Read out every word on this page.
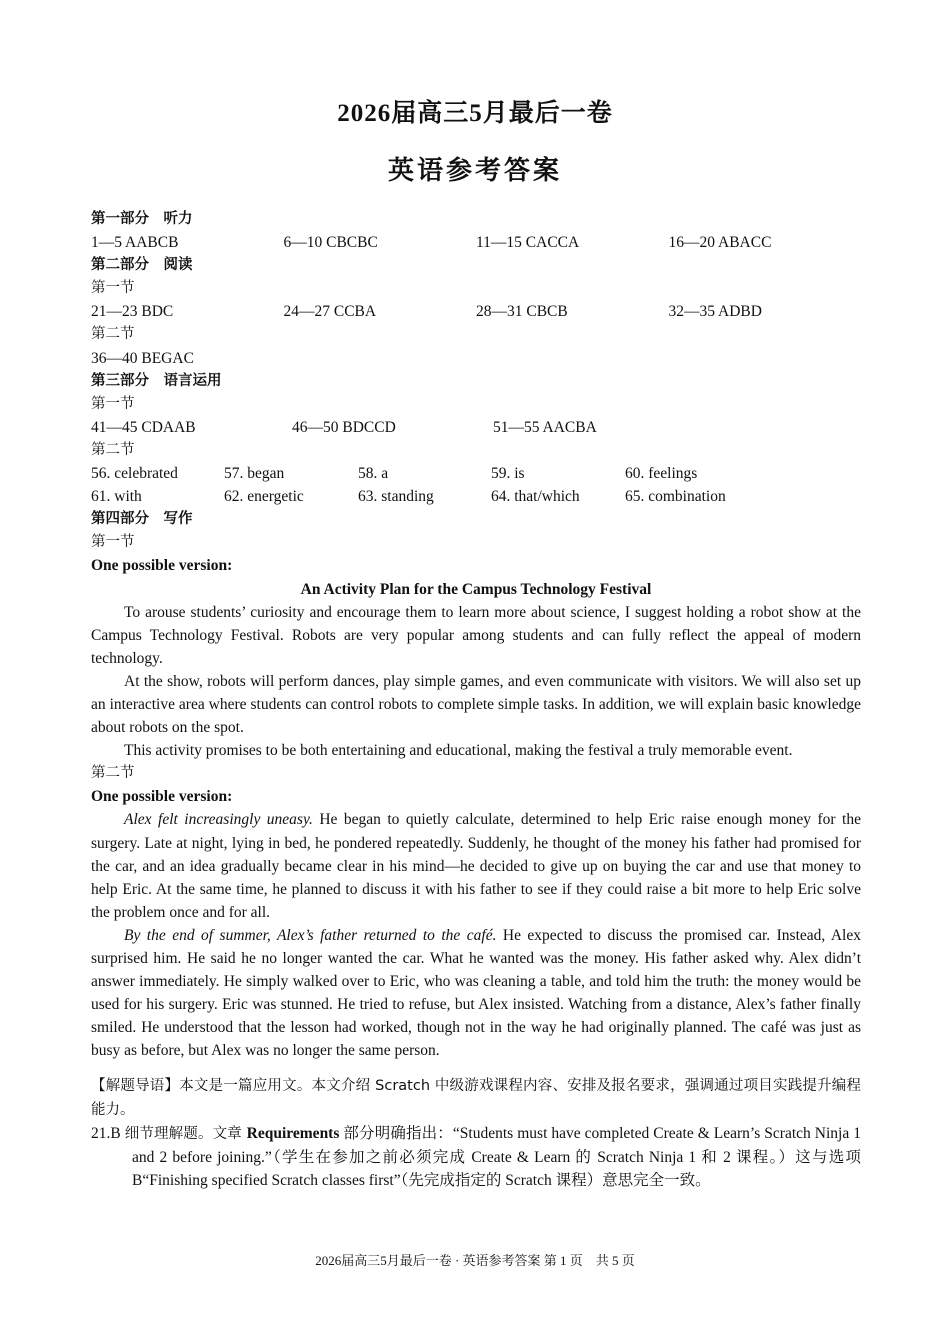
2026届高三5月最后一卷
英语参考答案
第一部分　听力
1—5 AABCB	6—10 CBCBC	11—15 CACCA	16—20 ABACC
第二部分　阅读
第一节
21—23 BDC	24—27 CCBA	28—31 CBCB	32—35 ADBD
第二节
36—40 BEGAC
第三部分　语言运用
第一节
41—45 CDAAB	46—50 BDCCD	51—55 AACBA
第二节
56. celebrated	57. began	58. a	59. is	60. feelings
61. with	62. energetic	63. standing	64. that/which	65. combination
第四部分　写作
第一节
One possible version:
An Activity Plan for the Campus Technology Festival

To arouse students’ curiosity and encourage them to learn more about science, I suggest holding a robot show at the Campus Technology Festival. Robots are very popular among students and can fully reflect the appeal of modern technology.

At the show, robots will perform dances, play simple games, and even communicate with visitors. We will also set up an interactive area where students can control robots to complete simple tasks. In addition, we will explain basic knowledge about robots on the spot.

This activity promises to be both entertaining and educational, making the festival a truly memorable event.

第二节
One possible version:

Alex felt increasingly uneasy. He began to quietly calculate, determined to help Eric raise enough money for the surgery. Late at night, lying in bed, he pondered repeatedly. Suddenly, he thought of the money his father had promised for the car, and an idea gradually became clear in his mind—he decided to give up on buying the car and use that money to help Eric. At the same time, he planned to discuss it with his father to see if they could raise a bit more to help Eric solve the problem once and for all.

By the end of summer, Alex’s father returned to the café. He expected to discuss the promised car. Instead, Alex surprised him. He said he no longer wanted the car. What he wanted was the money. His father asked why. Alex didn’t answer immediately. He simply walked over to Eric, who was cleaning a table, and told him the truth: the money would be used for his surgery. Eric was stunned. He tried to refuse, but Alex insisted. Watching from a distance, Alex’s father finally smiled. He understood that the lesson had worked, though not in the way he had originally planned. The café was just as busy as before, but Alex was no longer the same person.

【解题导语】本文是一篇应用文。本文介绍 Scratch 中级游戏课程内容、安排及报名要求，强调通过项目实践提升编程能力。

21.B 细节理解题。文章 Requirements 部分明确指出：“Students must have completed Create & Learn’s Scratch Ninja 1 and 2 before joining.”（学生在参加之前必须完成 Create & Learn 的 Scratch Ninja 1 和 2 课程。）这与选项 B“Finishing specified Scratch classes first”（先完成指定的 Scratch 课程）意思完全一致。

2026届高三5月最后一卷 · 英语参考答案 第 1 页　共 5 页
